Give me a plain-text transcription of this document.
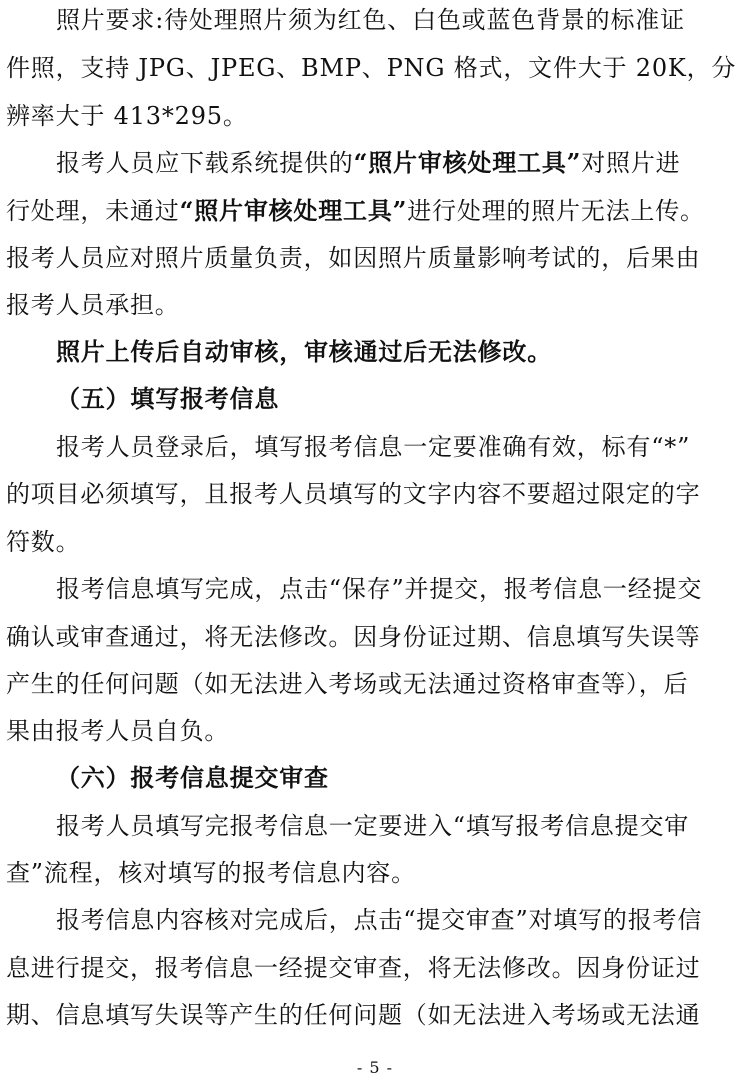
照片要求:待处理照片须为红色、白色或蓝色背景的标准证
件照，支持 JPG、JPEG、BMP、PNG 格式，文件大于 20K，分
辨率大于 413*295。
报考人员应下载系统提供的“照片审核处理工具”对照片进
行处理，未通过“照片审核处理工具”进行处理的照片无法上传。
报考人员应对照片质量负责，如因照片质量影响考试的，后果由
报考人员承担。
照片上传后自动审核，审核通过后无法修改。
（五）填写报考信息
报考人员登录后，填写报考信息一定要准确有效，标有“*”
的项目必须填写，且报考人员填写的文字内容不要超过限定的字
符数。
报考信息填写完成，点击“保存”并提交，报考信息一经提交
确认或审查通过，将无法修改。因身份证过期、信息填写失误等
产生的任何问题（如无法进入考场或无法通过资格审查等），后
果由报考人员自负。
（六）报考信息提交审查
报考人员填写完报考信息一定要进入“填写报考信息提交审
查”流程，核对填写的报考信息内容。
报考信息内容核对完成后，点击“提交审查”对填写的报考信
息进行提交，报考信息一经提交审查，将无法修改。因身份证过
期、信息填写失误等产生的任何问题（如无法进入考场或无法通
- 5 -
